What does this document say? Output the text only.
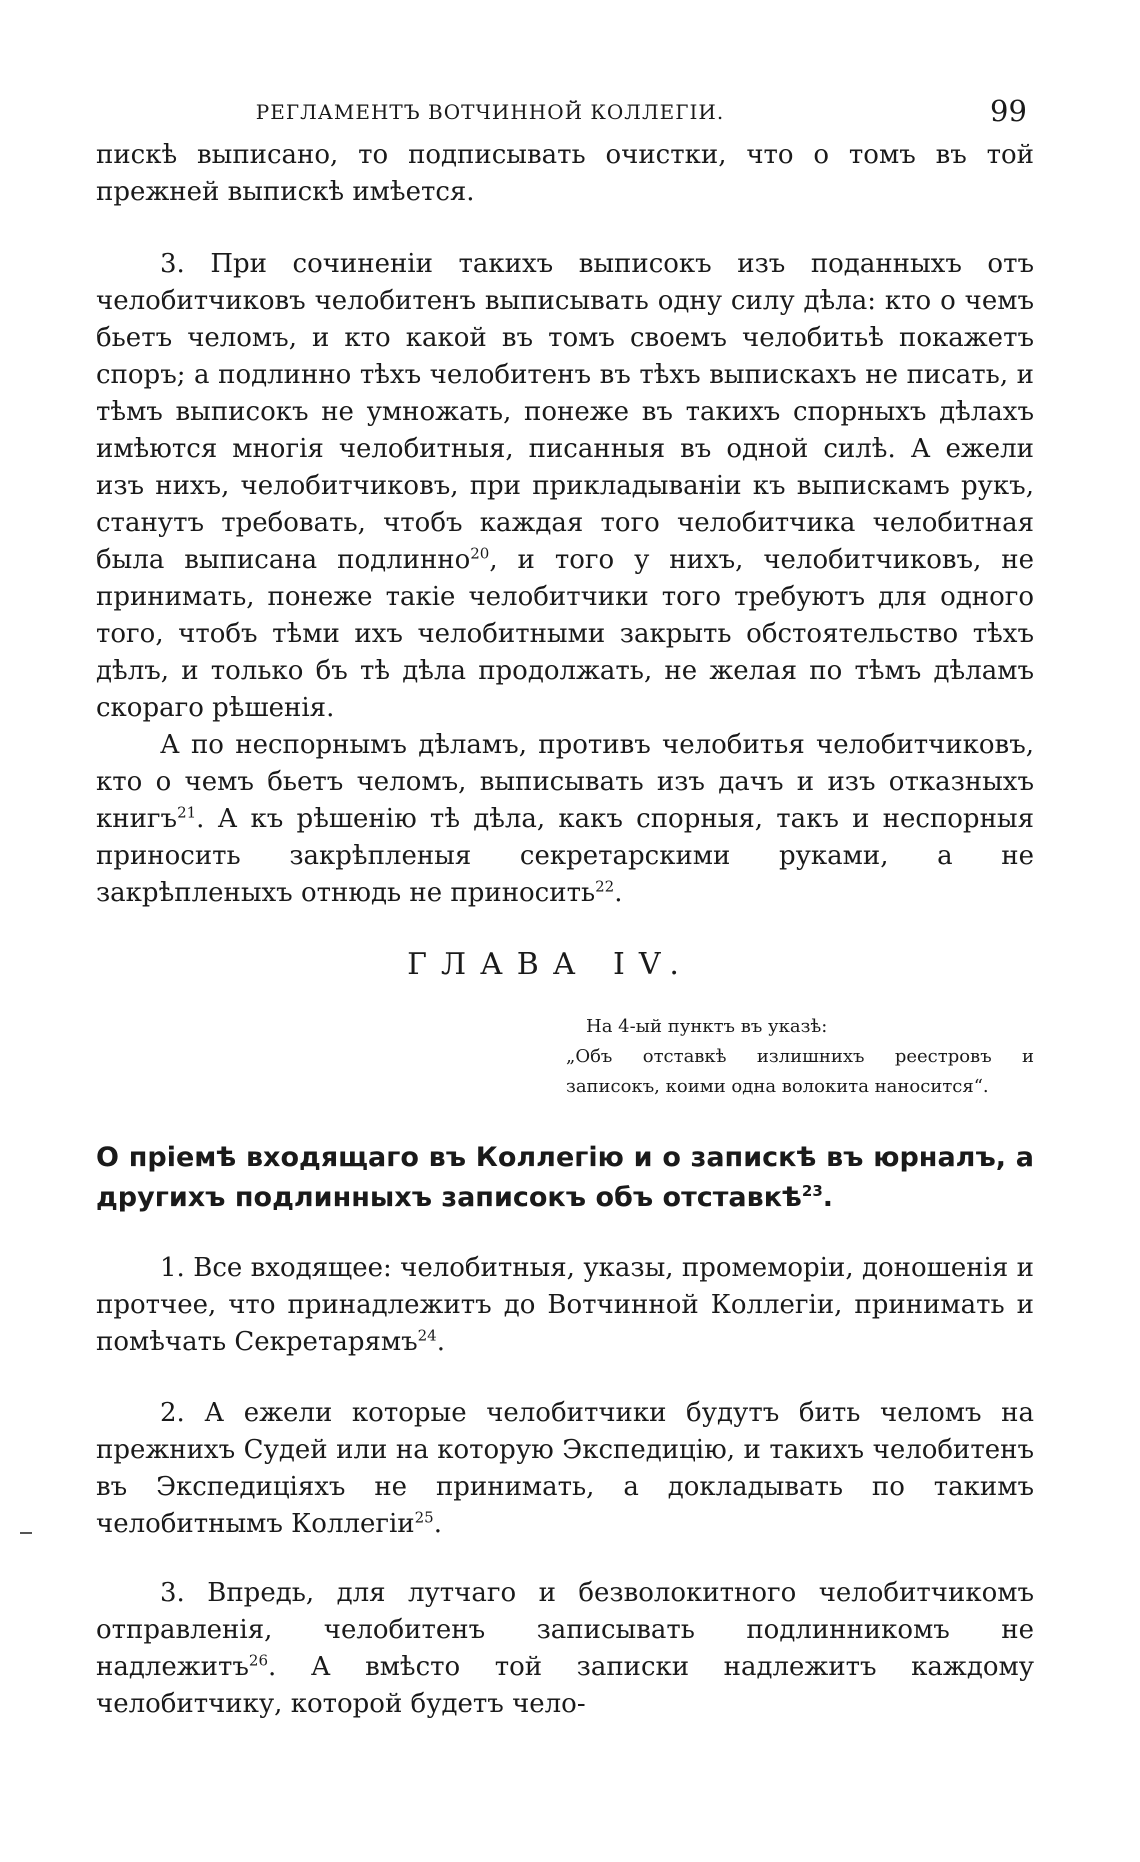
РЕГЛАМЕНТЪ ВОТЧИННОЙ КОЛЛЕГІИ.	99

пискѣ выписано, то подписывать очистки, что о томъ въ той прежней выпискѣ имѣется.

3. При сочиненіи такихъ выписокъ изъ поданныхъ отъ челобитчиковъ челобитенъ выписывать одну силу дѣла: кто о чемъ бьетъ челомъ, и кто какой въ томъ своемъ челобитьѣ покажетъ споръ; а подлинно тѣхъ челобитенъ въ тѣхъ выпискахъ не писать, и тѣмъ выписокъ не умножать, понеже въ такихъ спорныхъ дѣлахъ имѣются многія челобитныя, писанныя въ одной силѣ. А ежели изъ нихъ, челобитчиковъ, при прикладываніи къ выпискамъ рукъ, станутъ требовать, чтобъ каждая того челобитчика челобитная была выписана подлинно$^{20}$, и того у нихъ, челобитчиковъ, не принимать, понеже такіе челобитчики того требуютъ для одного того, чтобъ тѣми ихъ челобитными закрыть обстоятельство тѣхъ дѣлъ, и только бъ тѣ дѣла продолжать, не желая по тѣмъ дѣламъ скораго рѣшенія.

А по неспорнымъ дѣламъ, противъ челобитья челобитчиковъ, кто о чемъ бьетъ челомъ, выписывать изъ дачъ и изъ отказныхъ книгъ$^{21}$. А къ рѣшенію тѣ дѣла, какъ спорныя, такъ и неспорныя приносить закрѣпленыя секретарскими руками, а не закрѣпленыхъ отнюдь не приносить$^{22}$.

ГЛАВА IV.

На 4-ый пунктъ въ указѣ:

„Объ отставкѣ излишнихъ реестровъ и записокъ, коими одна волокита наносится“.

О пріемѣ входящаго въ Коллегію и о запискѣ въ юрналъ, а другихъ подлинныхъ записокъ объ отставкѣ$^{23}$.

1. Все входящее: челобитныя, указы, промеморіи, доношенія и протчее, что принадлежитъ до Вотчинной Коллегіи, принимать и помѣчать Секретарямъ$^{24}$.

2. А ежели которые челобитчики будутъ бить челомъ на прежнихъ Судей или на которую Экспедицію, и такихъ челобитенъ въ Экспедиціяхъ не принимать, а докладывать по такимъ челобитнымъ Коллегіи$^{25}$.

3. Впредь, для лутчаго и безволокитного челобитчикомъ отправленія, челобитенъ записывать подлинникомъ не надлежитъ$^{26}$. А вмѣсто той записки надлежитъ каждому челобитчику, которой будетъ чело-
